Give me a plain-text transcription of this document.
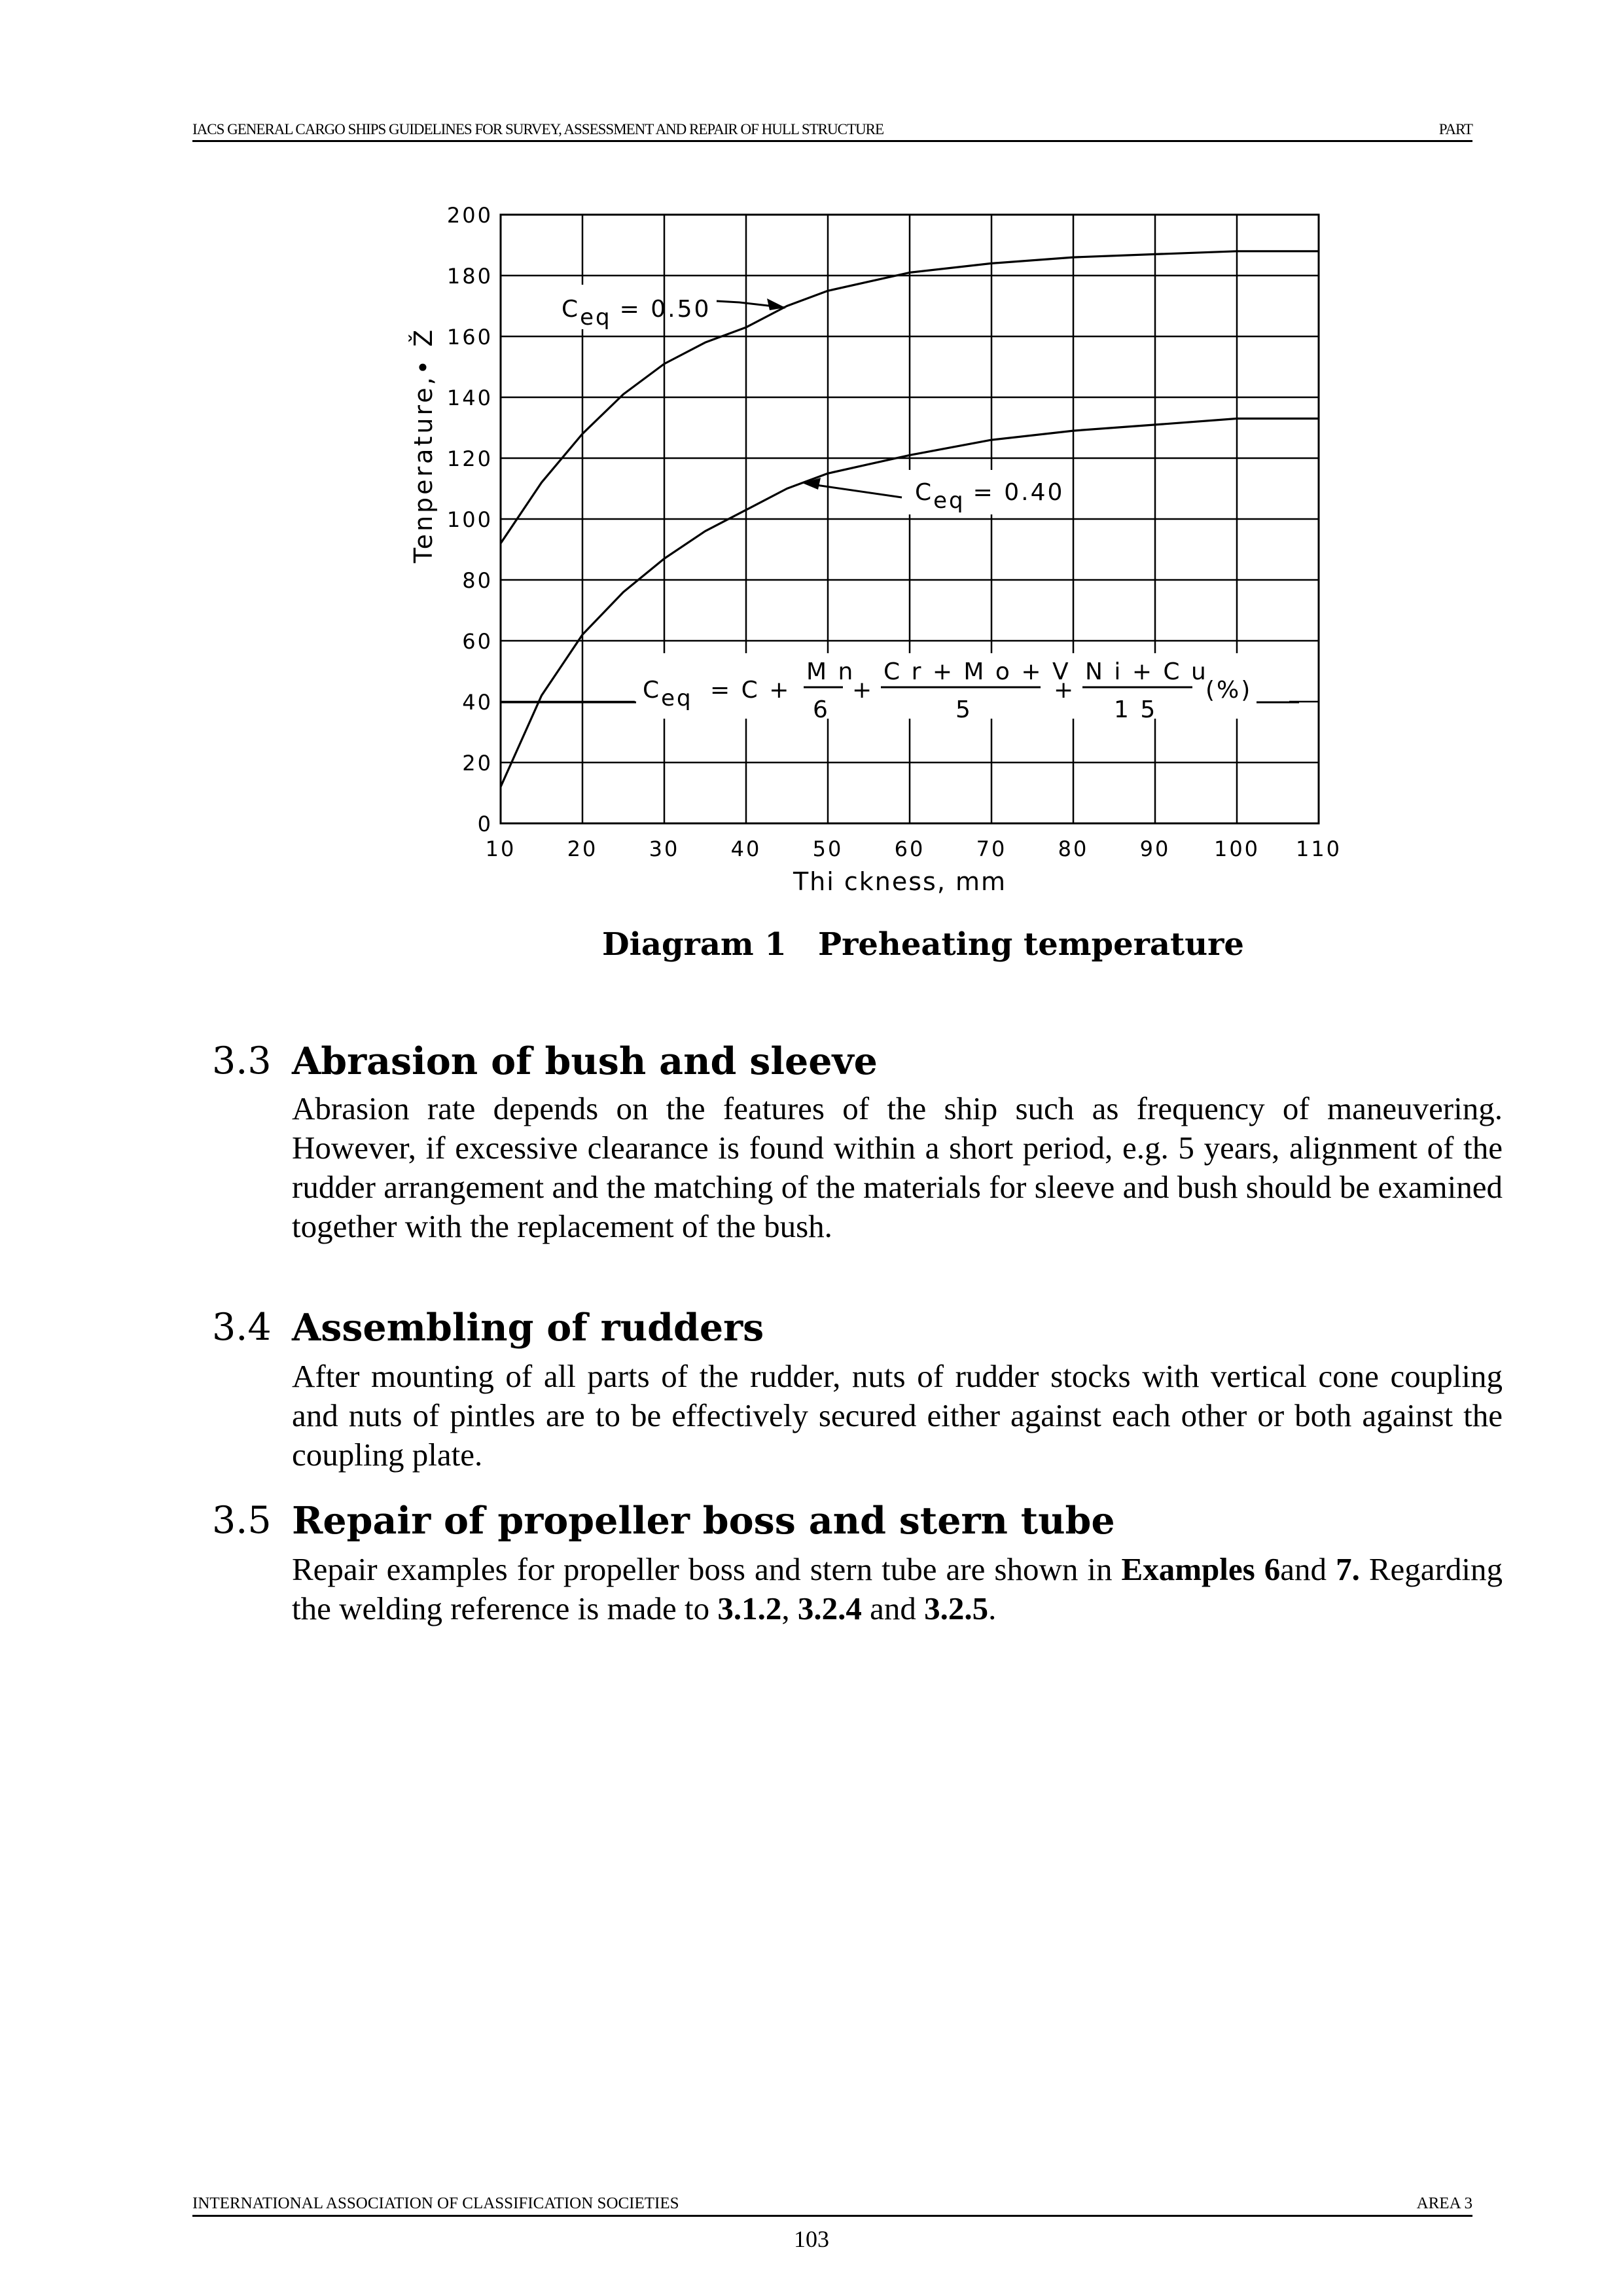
IACS GENERAL CARGO SHIPS GUIDELINES FOR SURVEY, ASSESSMENT AND REPAIR OF HULL STRUCTURE	PART
10 20 30 40 50 60 70 80 90 100 110
0
20
40
60
80
100
120
140
160
180
200
Ceq = 0.50
Ceq = 0.40
Ceq = C +
M n
6
+
C r + M o + V
5
+
N i + C u
1 5
(%)
Tenperature,• Ž
Thi ckness, mm
Diagram 1 Preheating temperature
3.3 Abrasion of bush and sleeve
Abrasion rate depends on the features of the ship such as frequency of maneuvering. However, if excessive clearance is found within a short period, e.g. 5 years, alignment of the rudder arrangement and the matching of the materials for sleeve and bush should be examined together with the replacement of the bush.
3.4 Assembling of rudders
After mounting of all parts of the rudder, nuts of rudder stocks with vertical cone coupling and nuts of pintles are to be effectively secured either against each other or both against the coupling plate.
3.5 Repair of propeller boss and stern tube
Repair examples for propeller boss and stern tube are shown in Examples 6and 7. Regarding the welding reference is made to 3.1.2, 3.2.4 and 3.2.5.
INTERNATIONAL ASSOCIATION OF CLASSIFICATION SOCIETIES	AREA 3
103
